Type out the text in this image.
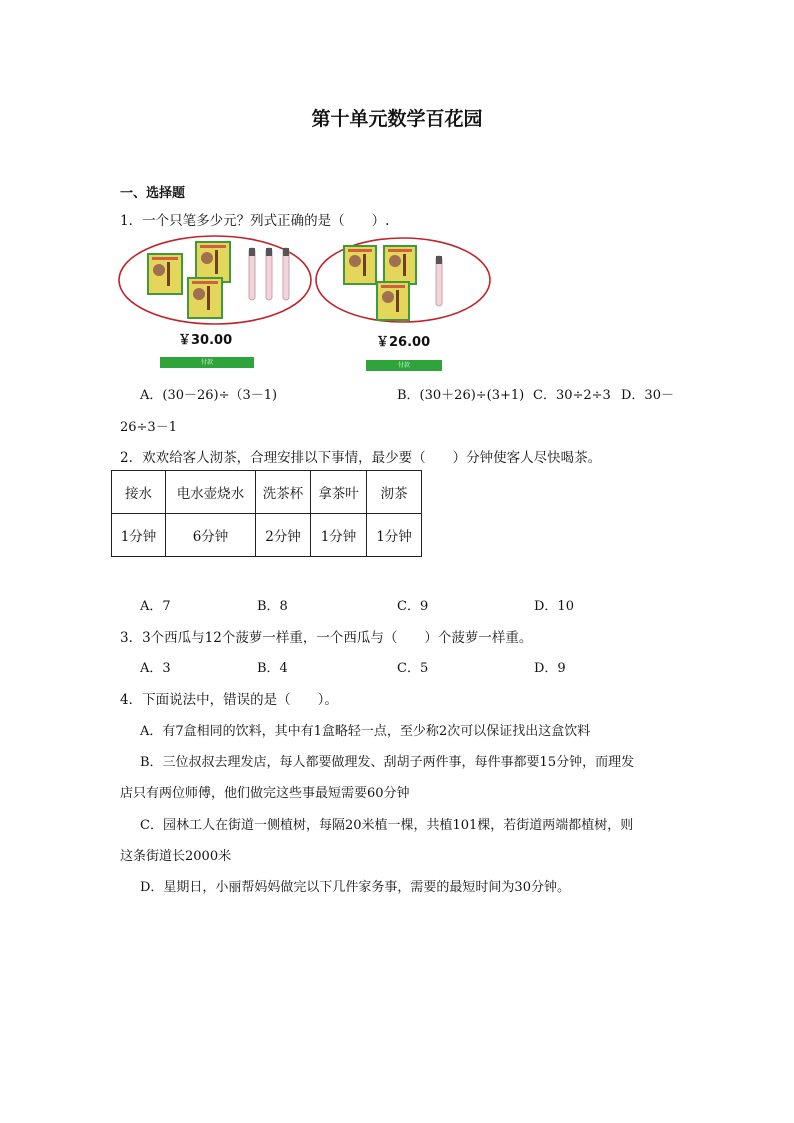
第十单元数学百花园
一、选择题
1．一个只笔多少元？列式正确的是（　　）.
￥30.00	￥26.00
付款	付款
A．(30－26)÷（3－1)	B．(30＋26)÷(3+1) C．30÷2÷3 D．30－
26÷3－1
2．欢欢给客人沏茶，合理安排以下事情，最少要（　　）分钟使客人尽快喝茶。
接水	电水壶烧水	洗茶杯	拿茶叶	沏茶
1分钟	6分钟	2分钟	1分钟	1分钟
A．7	B．8	C．9	D．10
3．3个西瓜与12个菠萝一样重，一个西瓜与（　　）个菠萝一样重。
A．3	B．4	C．5	D．9
4．下面说法中，错误的是（　　）。
A．有7盒相同的饮料，其中有1盒略轻一点，至少称2次可以保证找出这盒饮料
B．三位叔叔去理发店，每人都要做理发、刮胡子两件事，每件事都要15分钟，而理发
店只有两位师傅，他们做完这些事最短需要60分钟
C．园林工人在街道一侧植树，每隔20米植一棵，共植101棵，若街道两端都植树，则
这条街道长2000米
D．星期日，小丽帮妈妈做完以下几件家务事，需要的最短时间为30分钟。
